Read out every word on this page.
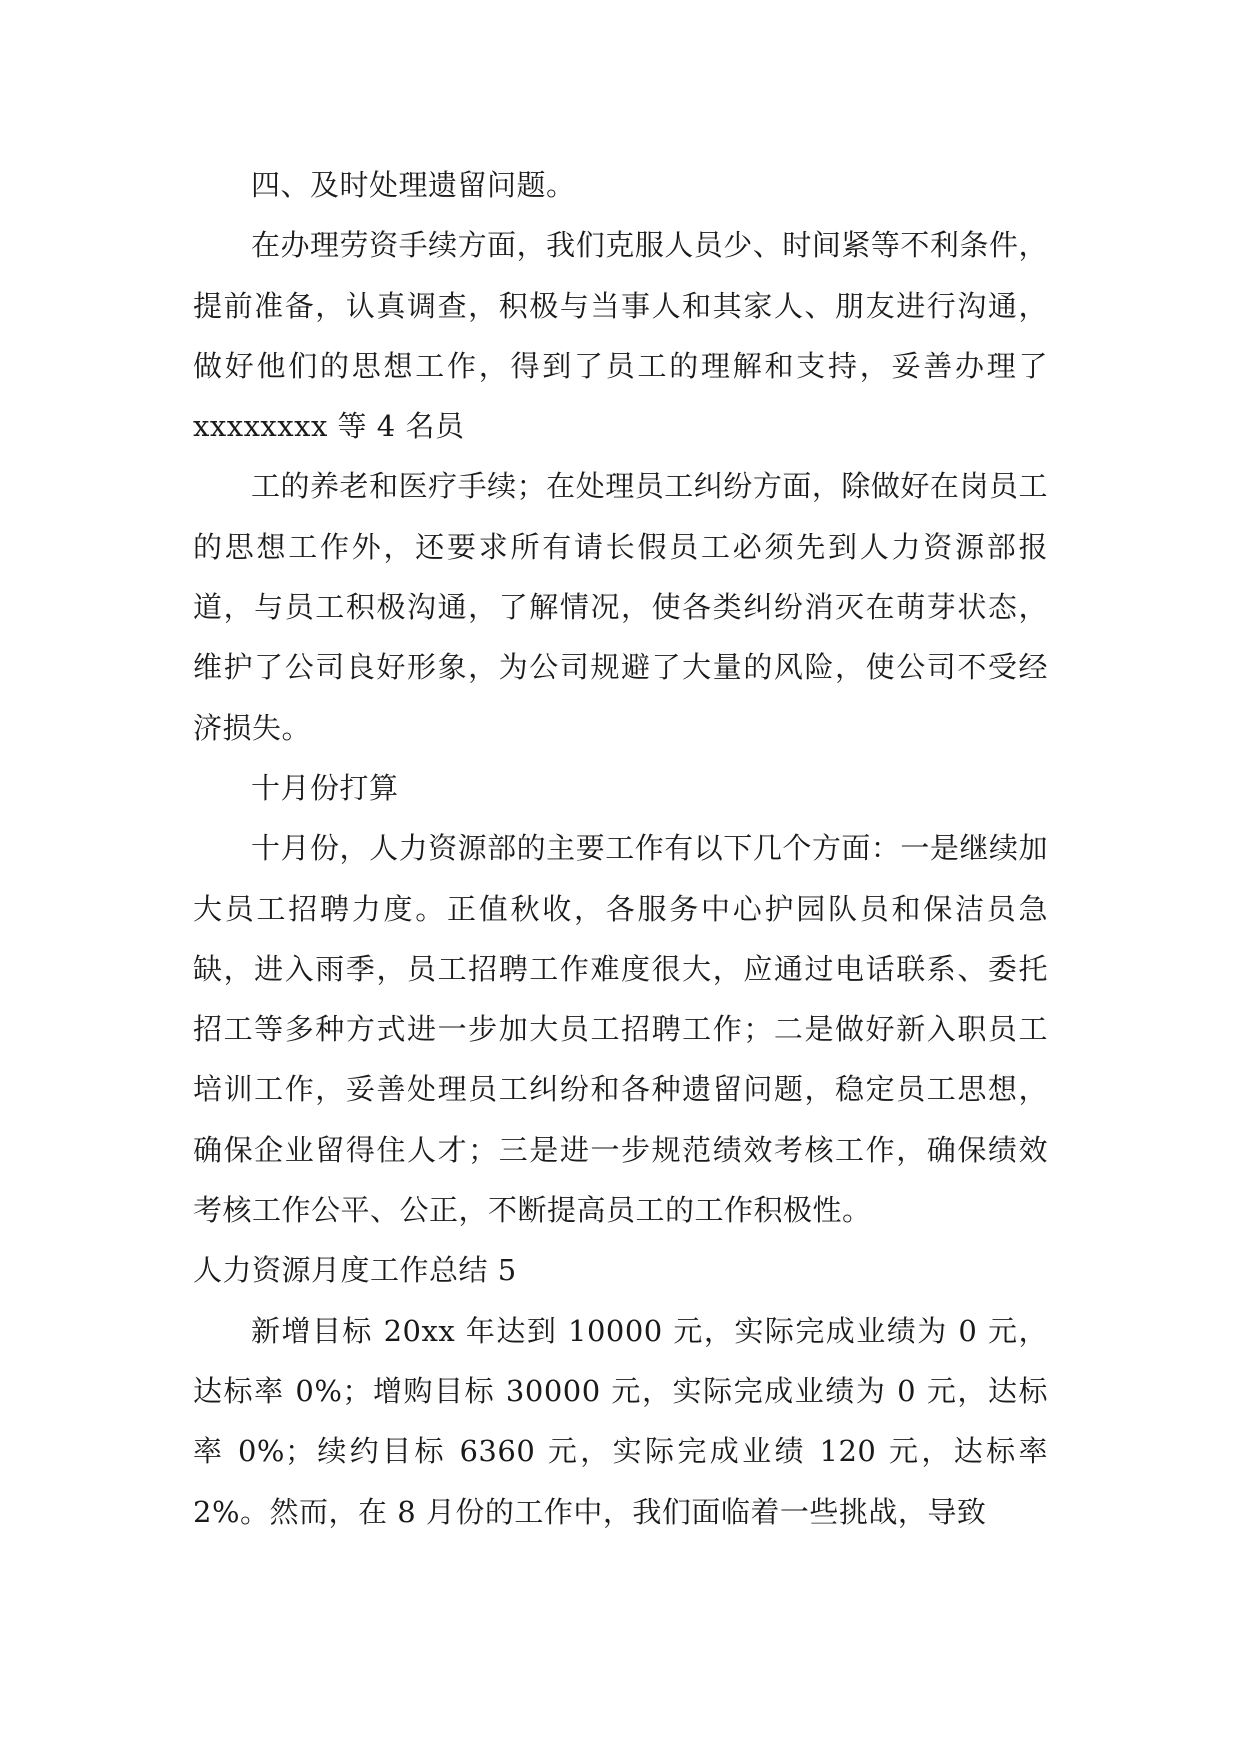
四、及时处理遗留问题。

在办理劳资手续方面，我们克服人员少、时间紧等不利条件，提前准备，认真调查，积极与当事人和其家人、朋友进行沟通，做好他们的思想工作，得到了员工的理解和支持，妥善办理了 xxxxxxxx 等 4 名员

工的养老和医疗手续；在处理员工纠纷方面，除做好在岗员工的思想工作外，还要求所有请长假员工必须先到人力资源部报道，与员工积极沟通，了解情况，使各类纠纷消灭在萌芽状态，维护了公司良好形象，为公司规避了大量的风险，使公司不受经济损失。

十月份打算

十月份，人力资源部的主要工作有以下几个方面：一是继续加大员工招聘力度。正值秋收，各服务中心护园队员和保洁员急缺，进入雨季，员工招聘工作难度很大，应通过电话联系、委托招工等多种方式进一步加大员工招聘工作；二是做好新入职员工培训工作，妥善处理员工纠纷和各种遗留问题，稳定员工思想，确保企业留得住人才；三是进一步规范绩效考核工作，确保绩效考核工作公平、公正，不断提高员工的工作积极性。

人力资源月度工作总结 5

新增目标 20xx 年达到 10000 元，实际完成业绩为 0 元，达标率 0%；增购目标 30000 元，实际完成业绩为 0 元，达标率 0%；续约目标 6360 元，实际完成业绩 120 元，达标率 2%。然而，在 8 月份的工作中，我们面临着一些挑战，导致
